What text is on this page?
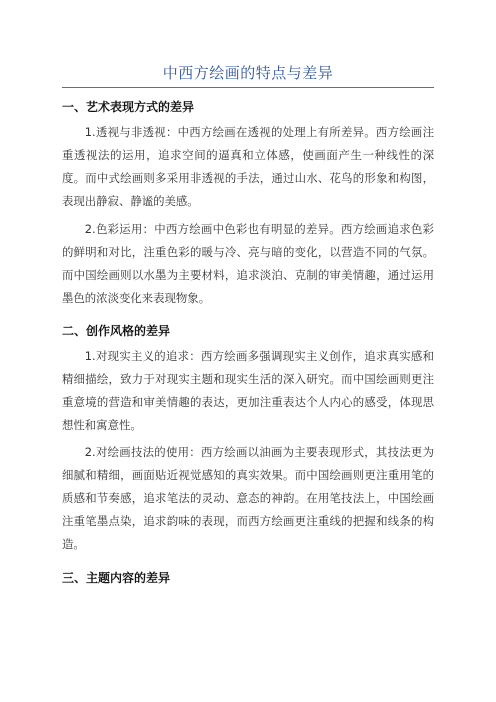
中西方绘画的特点与差异
一、艺术表现方式的差异
1.透视与非透视：中西方绘画在透视的处理上有所差异。西方绘画注重透视法的运用，追求空间的逼真和立体感，使画面产生一种线性的深度。而中式绘画则多采用非透视的手法，通过山水、花鸟的形象和构图，表现出静寂、静谧的美感。
2.色彩运用：中西方绘画中色彩也有明显的差异。西方绘画追求色彩的鲜明和对比，注重色彩的暖与冷、亮与暗的变化，以营造不同的气氛。而中国绘画则以水墨为主要材料，追求淡泊、克制的审美情趣，通过运用墨色的浓淡变化来表现物象。
二、创作风格的差异
1.对现实主义的追求：西方绘画多强调现实主义创作，追求真实感和精细描绘，致力于对现实主题和现实生活的深入研究。而中国绘画则更注重意境的营造和审美情趣的表达，更加注重表达个人内心的感受，体现思想性和寓意性。
2.对绘画技法的使用：西方绘画以油画为主要表现形式，其技法更为细腻和精细，画面贴近视觉感知的真实效果。而中国绘画则更注重用笔的质感和节奏感，追求笔法的灵动、意态的神韵。在用笔技法上，中国绘画注重笔墨点染，追求韵味的表现，而西方绘画更注重线的把握和线条的构造。
三、主题内容的差异
